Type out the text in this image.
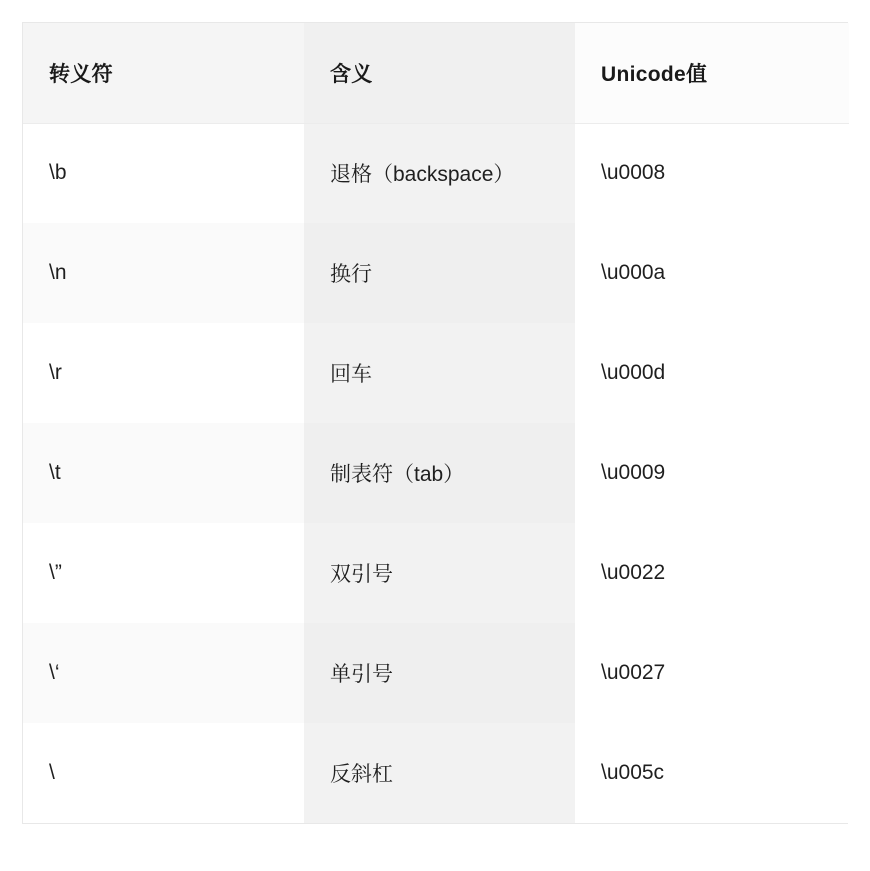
转义符	含义	Unicode值
\b	退格（backspace）	\u0008
\n	换行	\u000a
\r	回车	\u000d
\t	制表符（tab）	\u0009
\”	双引号	\u0022
\‘	单引号	\u0027
\	反斜杠	\u005c
